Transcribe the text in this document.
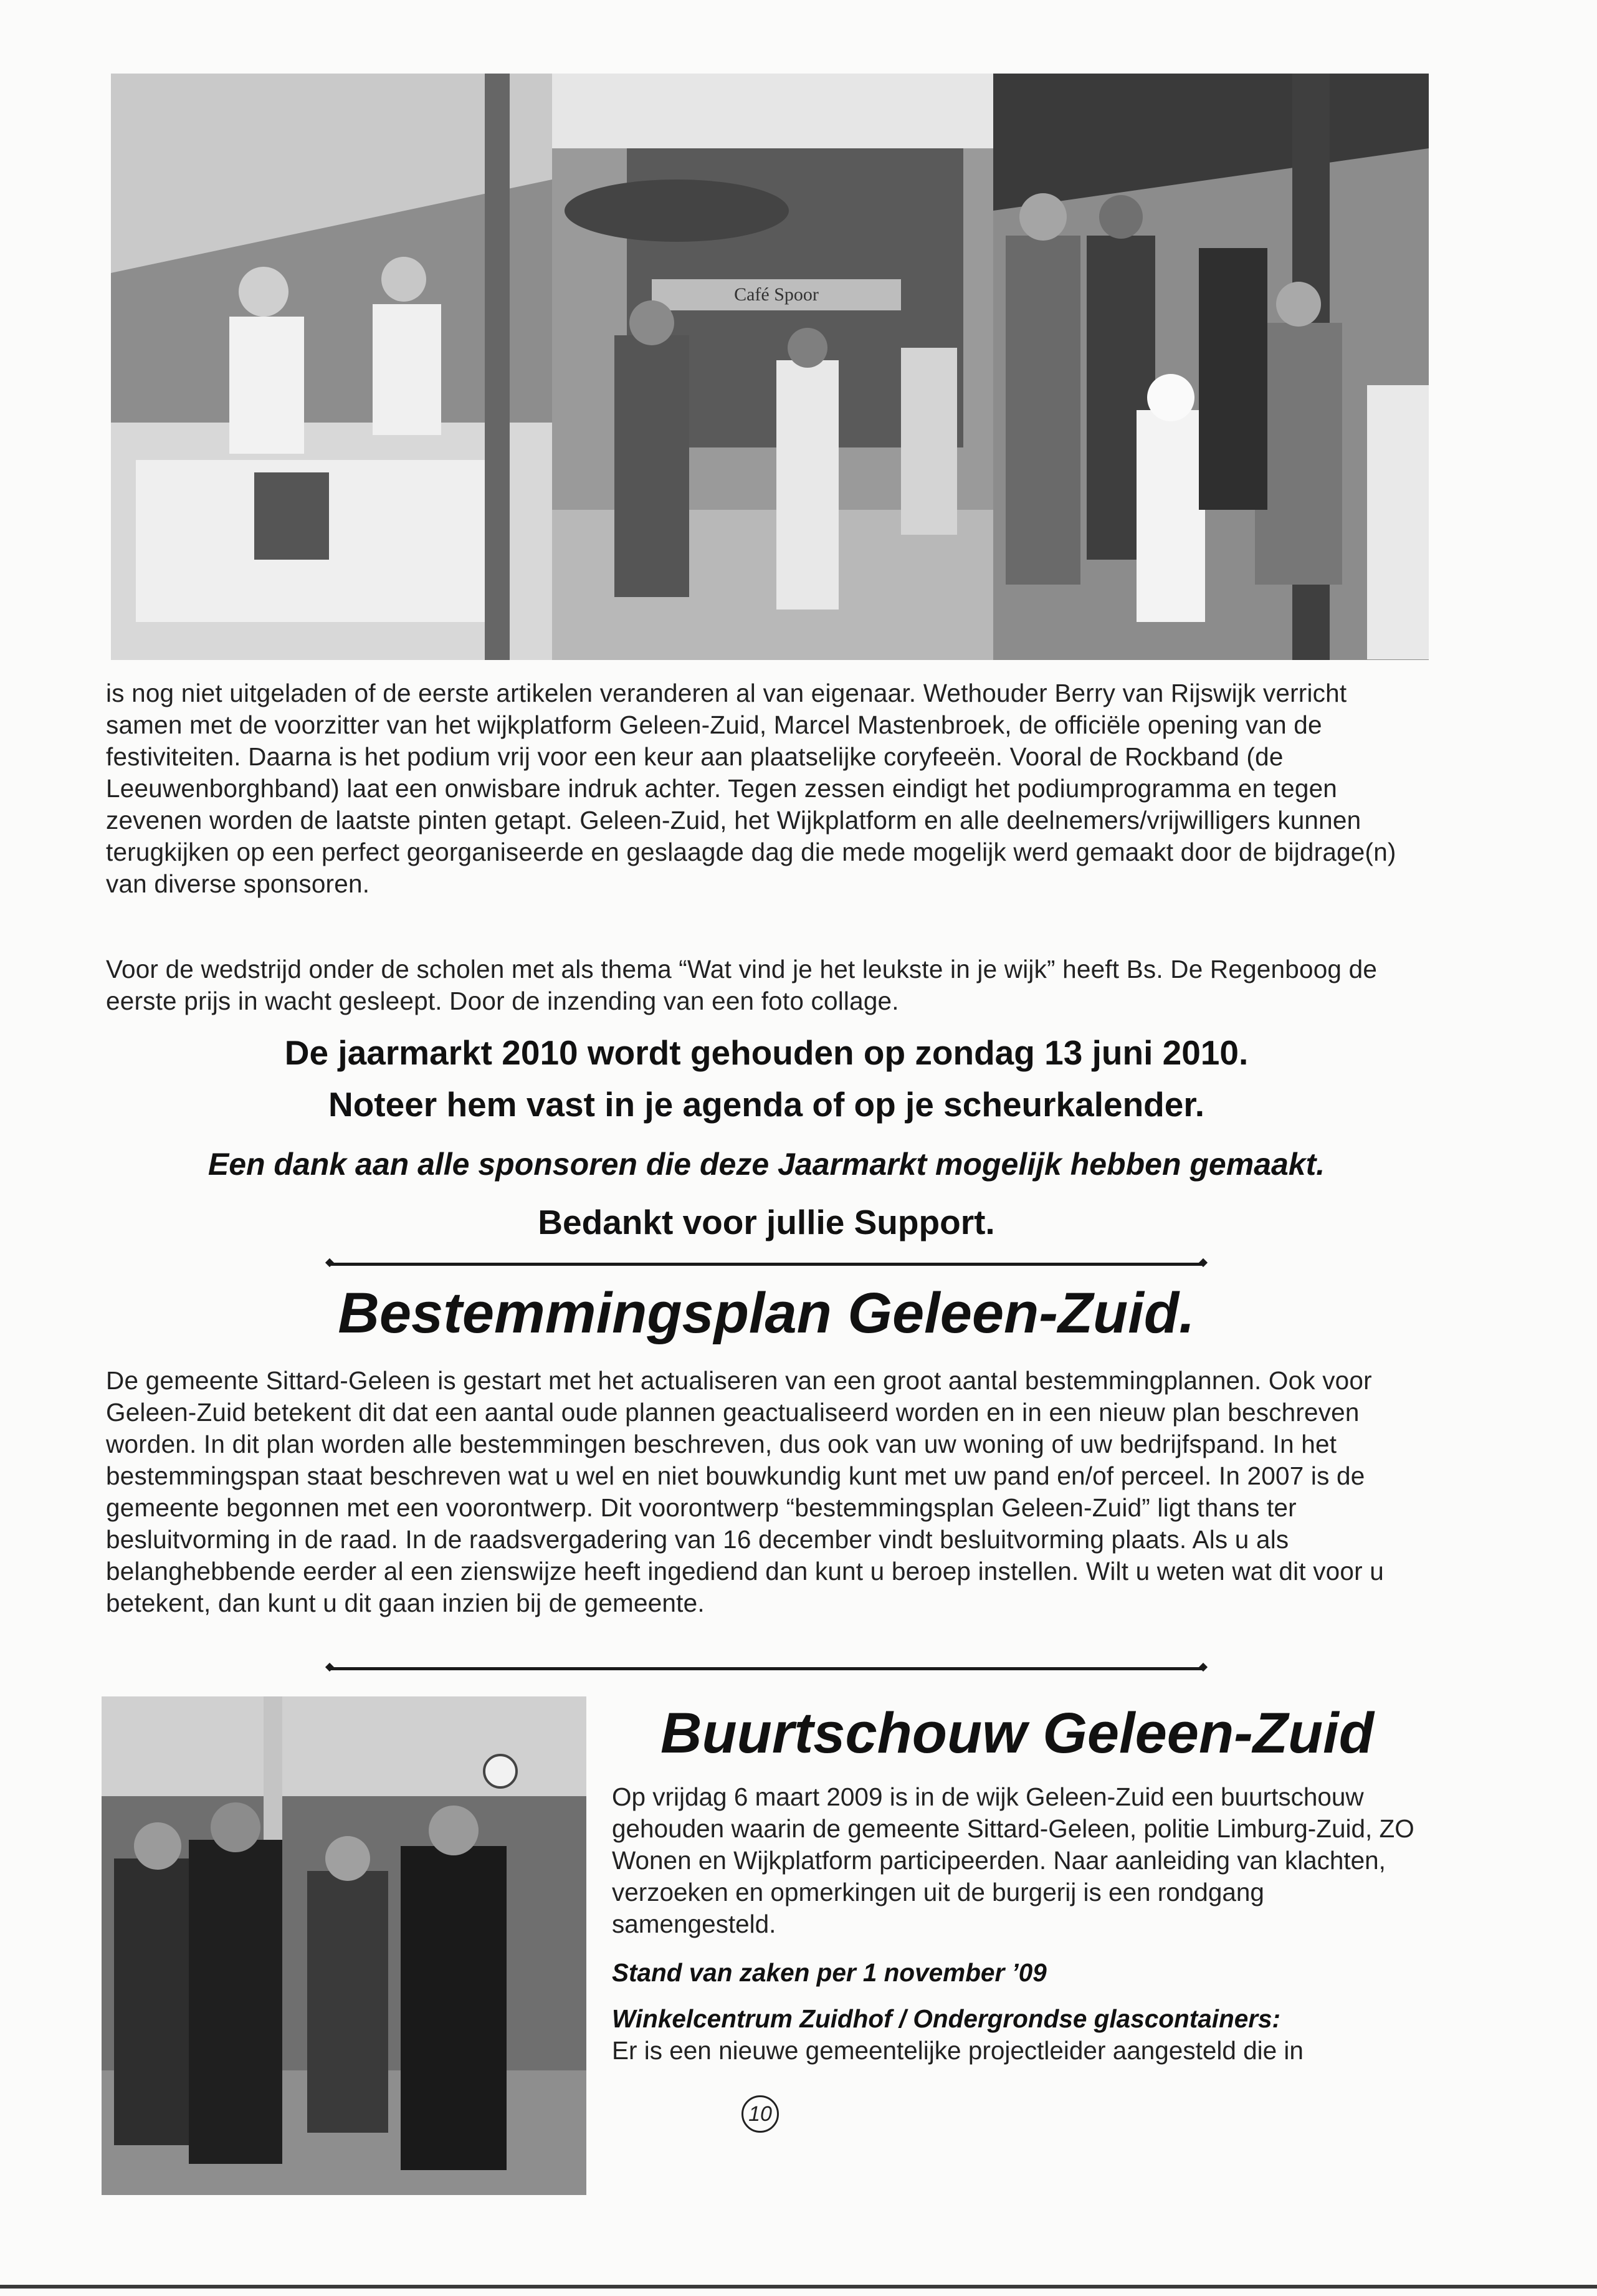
Café Spoor

is nog niet uitgeladen of de eerste artikelen veranderen al van eigenaar. Wethouder Berry van Rijswijk verricht samen met de voorzitter van het wijkplatform Geleen-Zuid, Marcel Mastenbroek, de officiële opening van de festiviteiten. Daarna is het podium vrij voor een keur aan plaatselijke coryfeeën. Vooral de Rockband (de Leeuwenborghband) laat een onwisbare indruk achter. Tegen zessen eindigt het podiumprogramma en tegen zevenen worden de laatste pinten getapt. Geleen-Zuid, het Wijkplatform en alle deelnemers/vrijwilligers kunnen terugkijken op een perfect georganiseerde en geslaagde dag die mede mogelijk werd gemaakt door de bijdrage(n) van diverse sponsoren.

Voor de wedstrijd onder de scholen met als thema “Wat vind je het leukste in je wijk” heeft Bs. De Regenboog de eerste prijs in wacht gesleept. Door de inzending van een foto collage.

De jaarmarkt 2010 wordt gehouden op zondag 13 juni 2010.
Noteer hem vast in je agenda of op je scheurkalender.
Een dank aan alle sponsoren die deze Jaarmarkt mogelijk hebben gemaakt.
Bedankt voor jullie Support.
Bestemmingsplan Geleen-Zuid.

De gemeente Sittard-Geleen is gestart met het actualiseren van een groot aantal bestemmingplannen. Ook voor Geleen-Zuid betekent dit dat een aantal oude plannen geactualiseerd worden en in een nieuw plan beschreven worden. In dit plan worden alle bestemmingen beschreven, dus ook van uw woning of uw bedrijfspand. In het bestemmingspan staat beschreven wat u wel en niet bouwkundig kunt met uw pand en/of perceel. In 2007 is de gemeente begonnen met een voorontwerp. Dit voorontwerp “bestemmingsplan Geleen-Zuid” ligt thans ter besluitvorming in de raad. In de raadsvergadering van 16 december vindt besluitvorming plaats. Als u als belanghebbende eerder al een zienswijze heeft ingediend dan kunt u beroep instellen. Wilt u weten wat dit voor u betekent, dan kunt u dit gaan inzien bij de gemeente.

Buurtschouw Geleen-Zuid

Op vrijdag 6 maart 2009 is in de wijk Geleen-Zuid een buurtschouw gehouden waarin de gemeente Sittard-Geleen, politie Limburg-Zuid, ZO Wonen en Wijkplatform participeerden. Naar aanleiding van klachten, verzoeken en opmerkingen uit de burgerij is een rondgang samengesteld.

Stand van zaken per 1 november ’09
Winkelcentrum Zuidhof / Ondergrondse glascontainers:
Er is een nieuwe gemeentelijke projectleider aangesteld die in
10
